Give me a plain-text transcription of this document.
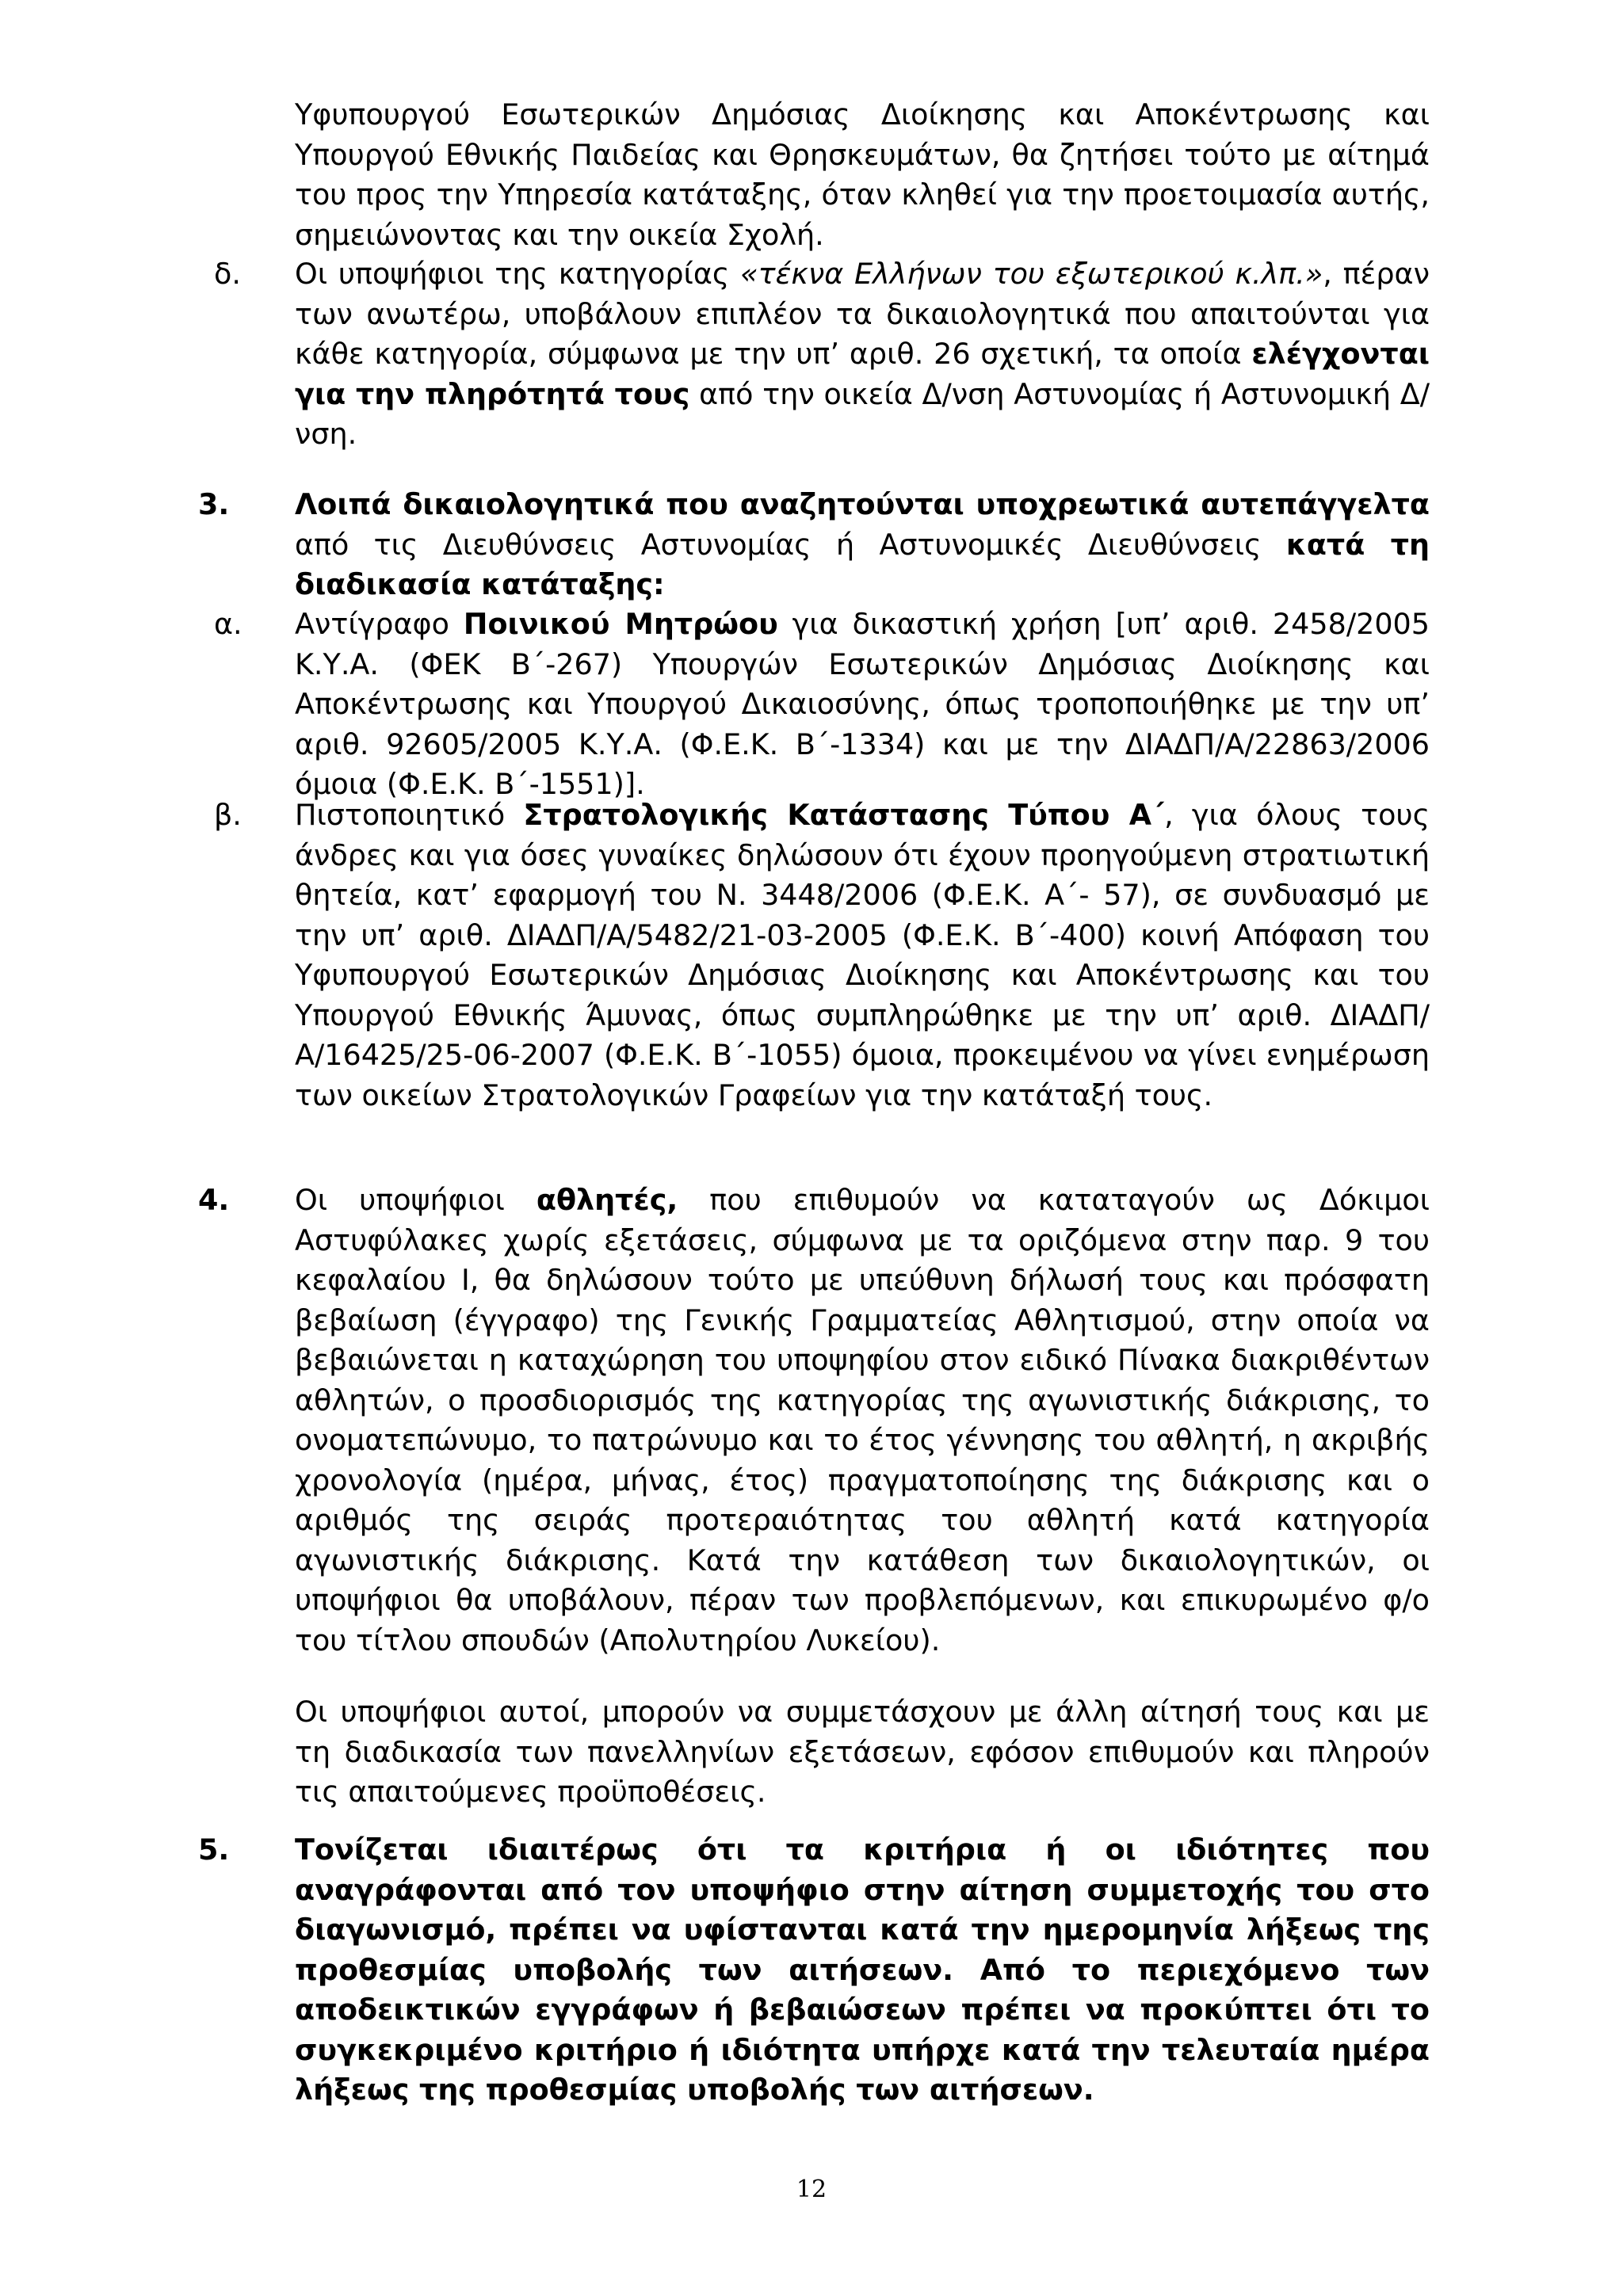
Υφυπουργού Εσωτερικών Δημόσιας Διοίκησης και Αποκέντρωσης και Υπουργού Εθνικής Παιδείας και Θρησκευμάτων, θα ζητήσει τούτο με αίτημά του προς την Υπηρεσία κατάταξης, όταν κληθεί για την προετοιμασία αυτής, σημειώνοντας και την οικεία Σχολή.
δ. Οι υποψήφιοι της κατηγορίας «τέκνα Ελλήνων του εξωτερικού κ.λπ.», πέραν των ανωτέρω, υποβάλουν επιπλέον τα δικαιολογητικά που απαιτούνται για κάθε κατηγορία, σύμφωνα με την υπ’ αριθ. 26 σχετική, τα οποία ελέγχονται για την πληρότητά τους από την οικεία Δ/νση Αστυνομίας ή Αστυνομική Δ/νση.
3. Λοιπά δικαιολογητικά που αναζητούνται υποχρεωτικά αυτεπάγγελτα από τις Διευθύνσεις Αστυνομίας ή Αστυνομικές Διευθύνσεις κατά τη διαδικασία κατάταξης:
α. Αντίγραφο Ποινικού Μητρώου για δικαστική χρήση [υπ’ αριθ. 2458/2005 Κ.Υ.Α. (ΦΕΚ Β΄-267) Υπουργών Εσωτερικών Δημόσιας Διοίκησης και Αποκέντρωσης και Υπουργού Δικαιοσύνης, όπως τροποποιήθηκε με την υπ’ αριθ. 92605/2005 Κ.Υ.Α. (Φ.Ε.Κ. Β΄-1334) και με την ΔΙΑΔΠ/Α/22863/2006 όμοια (Φ.Ε.Κ. Β΄-1551)].
β. Πιστοποιητικό Στρατολογικής Κατάστασης Τύπου Α΄, για όλους τους άνδρες και για όσες γυναίκες δηλώσουν ότι έχουν προηγούμενη στρατιωτική θητεία, κατ’ εφαρμογή του Ν. 3448/2006 (Φ.Ε.Κ. Α΄- 57), σε συνδυασμό με την υπ’ αριθ. ΔΙΑΔΠ/Α/5482/21-03-2005 (Φ.Ε.Κ. Β΄-400) κοινή Απόφαση του Υφυπουργού Εσωτερικών Δημόσιας Διοίκησης και Αποκέντρωσης και του Υπουργού Εθνικής Άμυνας, όπως συμπληρώθηκε με την υπ’ αριθ. ΔΙΑΔΠ/Α/16425/25-06-2007 (Φ.Ε.Κ. Β΄-1055) όμοια, προκειμένου να γίνει ενημέρωση των οικείων Στρατολογικών Γραφείων για την κατάταξή τους.
4. Οι υποψήφιοι αθλητές, που επιθυμούν να καταταγούν ως Δόκιμοι Αστυφύλακες χωρίς εξετάσεις, σύμφωνα με τα οριζόμενα στην παρ. 9 του κεφαλαίου Ι, θα δηλώσουν τούτο με υπεύθυνη δήλωσή τους και πρόσφατη βεβαίωση (έγγραφο) της Γενικής Γραμματείας Αθλητισμού, στην οποία να βεβαιώνεται η καταχώρηση του υποψηφίου στον ειδικό Πίνακα διακριθέντων αθλητών, ο προσδιορισμός της κατηγορίας της αγωνιστικής διάκρισης, το ονοματεπώνυμο, το πατρώνυμο και το έτος γέννησης του αθλητή, η ακριβής χρονολογία (ημέρα, μήνας, έτος) πραγματοποίησης της διάκρισης και ο αριθμός της σειράς προτεραιότητας του αθλητή κατά κατηγορία αγωνιστικής διάκρισης. Κατά την κατάθεση των δικαιολογητικών, οι υποψήφιοι θα υποβάλουν, πέραν των προβλεπόμενων, και επικυρωμένο φ/ο του τίτλου σπουδών (Απολυτηρίου Λυκείου).
Οι υποψήφιοι αυτοί, μπορούν να συμμετάσχουν με άλλη αίτησή τους και με τη διαδικασία των πανελληνίων εξετάσεων, εφόσον επιθυμούν και πληρούν τις απαιτούμενες προϋποθέσεις.
5. Τονίζεται ιδιαιτέρως ότι τα κριτήρια ή οι ιδιότητες που αναγράφονται από τον υποψήφιο στην αίτηση συμμετοχής του στο διαγωνισμό, πρέπει να υφίστανται κατά την ημερομηνία λήξεως της προθεσμίας υποβολής των αιτήσεων. Από το περιεχόμενο των αποδεικτικών εγγράφων ή βεβαιώσεων πρέπει να προκύπτει ότι το συγκεκριμένο κριτήριο ή ιδιότητα υπήρχε κατά την τελευταία ημέρα λήξεως της προθεσμίας υποβολής των αιτήσεων.
12
